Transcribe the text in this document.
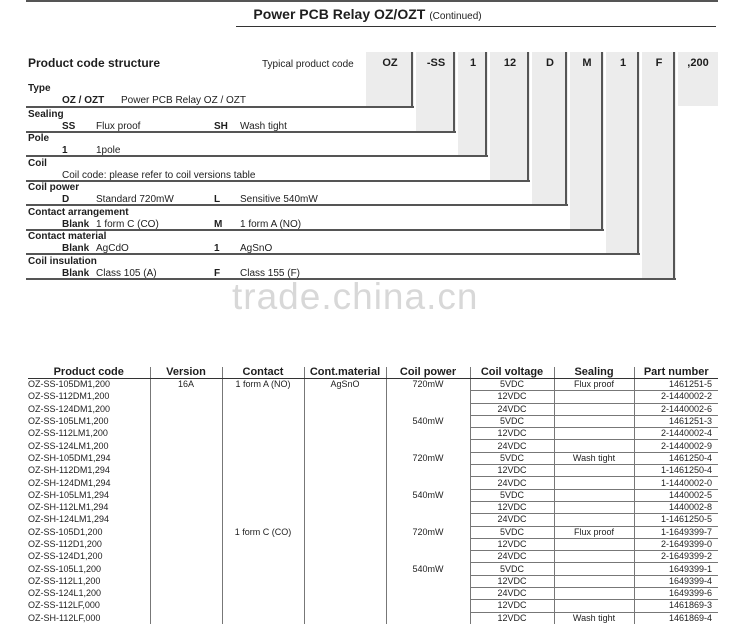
Power PCB Relay OZ/OZT (Continued)
Product code structure	Typical product code	OZ	-SS	1	12	D	M	1	F	,200
Type
OZ / OZT Power PCB Relay OZ / OZT
Sealing
SS Flux proof	SH Wash tight
Pole
1	1pole
Coil
Coil code: please refer to coil versions table
Coil power
D	Standard 720mW	L Sensitive 540mW
Contact arrangement
Blank 1 form C (CO)	M 1 form A (NO)
Contact material
Blank AgCdO	1 AgSnO
Coil insulation
Blank Class 105 (A)	F Class 155 (F)
trade.china.cn
Product code	Version	Contact	Cont.material	Coil power	Coil voltage	Sealing	Part number
OZ-SS-105DM1,200	16A	1 form A (NO)	AgSnO	720mW	5VDC	Flux proof	1461251-5
OZ-SS-112DM1,200					12VDC		2-1440002-2
OZ-SS-124DM1,200					24VDC		2-1440002-6
OZ-SS-105LM1,200				540mW	5VDC		1461251-3
OZ-SS-112LM1,200					12VDC		2-1440002-4
OZ-SS-124LM1,200					24VDC		2-1440002-9
OZ-SH-105DM1,294				720mW	5VDC	Wash tight	1461250-4
OZ-SH-112DM1,294					12VDC		1-1461250-4
OZ-SH-124DM1,294					24VDC		1-1440002-0
OZ-SH-105LM1,294				540mW	5VDC		1440002-5
OZ-SH-112LM1,294					12VDC		1440002-8
OZ-SH-124LM1,294					24VDC		1-1461250-5
OZ-SS-105D1,200		1 form C (CO)		720mW	5VDC	Flux proof	1-1649399-7
OZ-SS-112D1,200					12VDC		2-1649399-0
OZ-SS-124D1,200					24VDC		2-1649399-2
OZ-SS-105L1,200				540mW	5VDC		1649399-1
OZ-SS-112L1,200					12VDC		1649399-4
OZ-SS-124L1,200					24VDC		1649399-6
OZ-SS-112LF,000					12VDC		1461869-3
OZ-SH-112LF,000					12VDC	Wash tight	1461869-4
